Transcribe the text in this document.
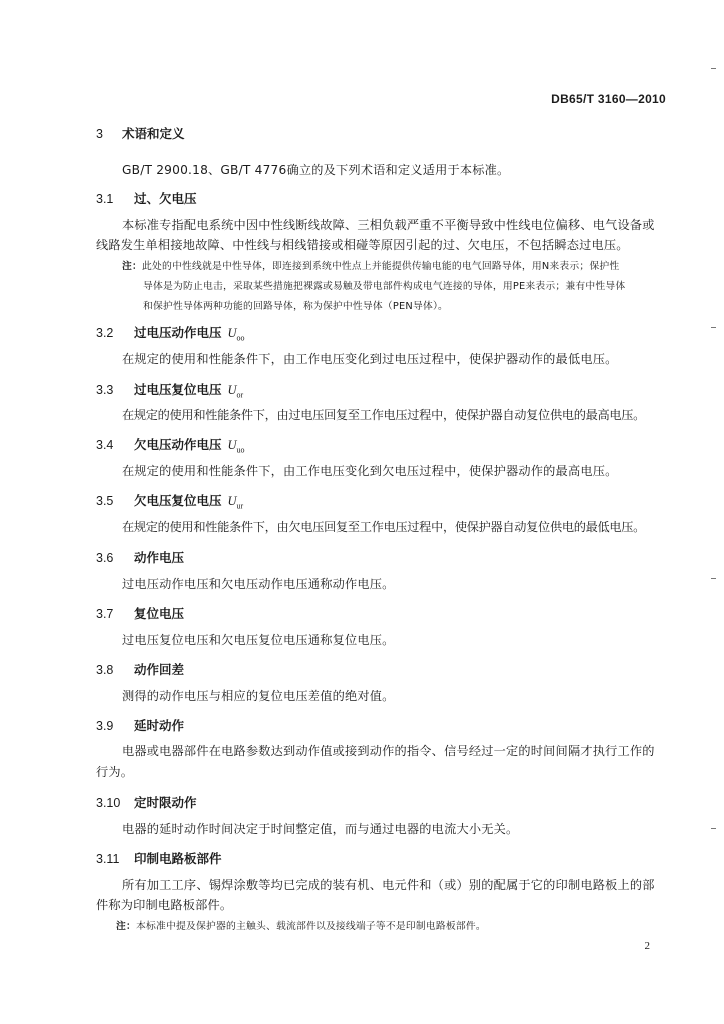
DB65/T 3160—2010
3 术语和定义
GB/T 2900.18、GB/T 4776确立的及下列术语和定义适用于本标准。
3.1 过、欠电压
本标准专指配电系统中因中性线断线故障、三相负载严重不平衡导致中性线电位偏移、电气设备或
线路发生单相接地故障、中性线与相线错接或相碰等原因引起的过、欠电压，不包括瞬态过电压。
注：此处的中性线就是中性导体，即连接到系统中性点上并能提供传输电能的电气回路导体，用N来表示；保护性
导体是为防止电击，采取某些措施把裸露或易触及带电部件构成电气连接的导体，用PE来表示；兼有中性导体
和保护性导体两种功能的回路导体，称为保护中性导体（PEN导体）。
3.2 过电压动作电压 $U_{oo}$
在规定的使用和性能条件下，由工作电压变化到过电压过程中，使保护器动作的最低电压。
3.3 过电压复位电压 $U_{or}$
在规定的使用和性能条件下，由过电压回复至工作电压过程中，使保护器自动复位供电的最高电压。
3.4 欠电压动作电压 $U_{uo}$
在规定的使用和性能条件下，由工作电压变化到欠电压过程中，使保护器动作的最高电压。
3.5 欠电压复位电压 $U_{ur}$
在规定的使用和性能条件下，由欠电压回复至工作电压过程中，使保护器自动复位供电的最低电压。
3.6 动作电压
过电压动作电压和欠电压动作电压通称动作电压。
3.7 复位电压
过电压复位电压和欠电压复位电压通称复位电压。
3.8 动作回差
测得的动作电压与相应的复位电压差值的绝对值。
3.9 延时动作
电器或电器部件在电路参数达到动作值或接到动作的指令、信号经过一定的时间间隔才执行工作的
行为。
3.10 定时限动作
电器的延时动作时间决定于时间整定值，而与通过电器的电流大小无关。
3.11 印制电路板部件
所有加工工序、锡焊涂敷等均已完成的装有机、电元件和（或）别的配属于它的印制电路板上的部
件称为印制电路板部件。
注：本标准中提及保护器的主触头、载流部件以及接线端子等不是印制电路板部件。
2
